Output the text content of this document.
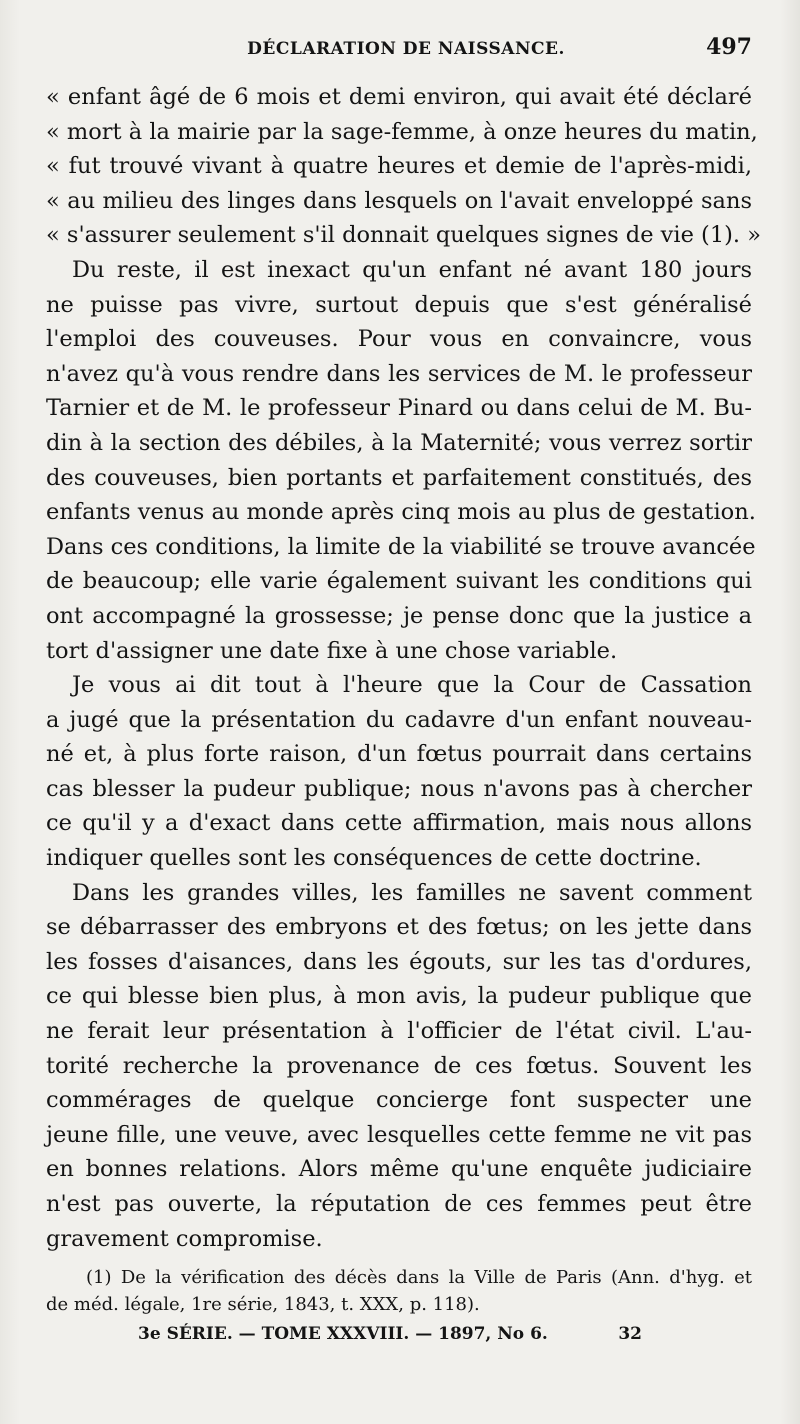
DÉCLARATION DE NAISSANCE.	497
« enfant âgé de 6 mois et demi environ, qui avait été déclaré
« mort à la mairie par la sage-femme, à onze heures du matin,
« fut trouvé vivant à quatre heures et demie de l'après-midi,
« au milieu des linges dans lesquels on l'avait enveloppé sans
« s'assurer seulement s'il donnait quelques signes de vie (1). »
Du reste, il est inexact qu'un enfant né avant 180 jours
ne puisse pas vivre, surtout depuis que s'est généralisé
l'emploi des couveuses. Pour vous en convaincre, vous
n'avez qu'à vous rendre dans les services de M. le professeur
Tarnier et de M. le professeur Pinard ou dans celui de M. Bu-
din à la section des débiles, à la Maternité; vous verrez sortir
des couveuses, bien portants et parfaitement constitués, des
enfants venus au monde après cinq mois au plus de gestation.
Dans ces conditions, la limite de la viabilité se trouve avancée
de beaucoup; elle varie également suivant les conditions qui
ont accompagné la grossesse; je pense donc que la justice a
tort d'assigner une date fixe à une chose variable.
Je vous ai dit tout à l'heure que la Cour de Cassation
a jugé que la présentation du cadavre d'un enfant nouveau-
né et, à plus forte raison, d'un fœtus pourrait dans certains
cas blesser la pudeur publique; nous n'avons pas à chercher
ce qu'il y a d'exact dans cette affirmation, mais nous allons
indiquer quelles sont les conséquences de cette doctrine.
Dans les grandes villes, les familles ne savent comment
se débarrasser des embryons et des fœtus; on les jette dans
les fosses d'aisances, dans les égouts, sur les tas d'ordures,
ce qui blesse bien plus, à mon avis, la pudeur publique que
ne ferait leur présentation à l'officier de l'état civil. L'au-
torité recherche la provenance de ces fœtus. Souvent les
commérages de quelque concierge font suspecter une
jeune fille, une veuve, avec lesquelles cette femme ne vit pas
en bonnes relations. Alors même qu'une enquête judiciaire
n'est pas ouverte, la réputation de ces femmes peut être
gravement compromise.
(1) De la vérification des décès dans la Ville de Paris (Ann. d'hyg. et
de méd. légale, 1re série, 1843, t. XXX, p. 118).
3e SÉRIE. — TOME XXXVIII. — 1897, No 6.	32
